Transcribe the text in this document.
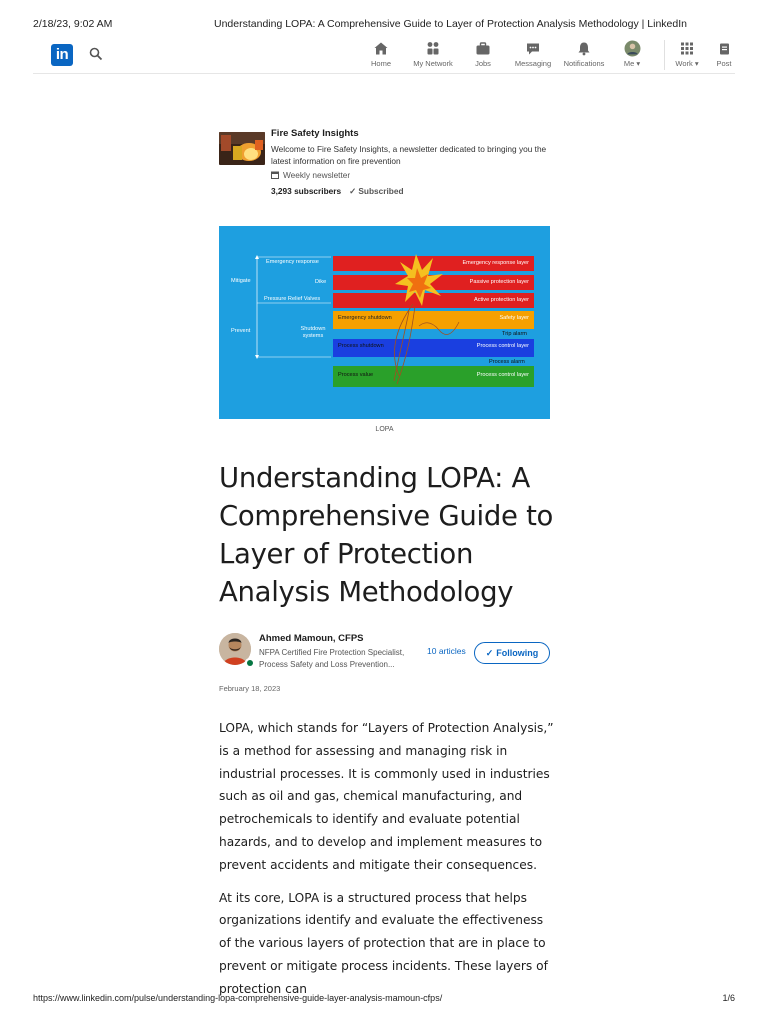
2/18/23, 9:02 AM	Understanding LOPA: A Comprehensive Guide to Layer of Protection Analysis Methodology | LinkedIn
in
Home	My Network	Jobs	Messaging	Notifications	Me ▾	Work ▾	Post
Fire Safety Insights
Welcome to Fire Safety Insights, a newsletter dedicated to bringing you the latest information on fire prevention
Weekly newsletter
3,293 subscribers ✓ Subscribed
Mitigate
Prevent
Emergency response
Dike
Pressure Relief Valves
Shutdown systems
Emergency response layer
Passive protection layer
Active protection layer
Emergency shutdown	Safety layer
Trip alarm
Process shutdown	Process control layer
Process alarm
Process value	Process control layer
LOPA
Understanding LOPA: A Comprehensive Guide to Layer of Protection Analysis Methodology
Ahmed Mamoun, CFPS
NFPA Certified Fire Protection Specialist, Process Safety and Loss Prevention...
10 articles ✓ Following
February 18, 2023

LOPA, which stands for “Layers of Protection Analysis,” is a method for assessing and managing risk in industrial processes. It is commonly used in industries such as oil and gas, chemical manufacturing, and petrochemicals to identify and evaluate potential hazards, and to develop and implement measures to prevent accidents and mitigate their consequences.

At its core, LOPA is a structured process that helps organizations identify and evaluate the effectiveness of the various layers of protection that are in place to prevent or mitigate process incidents. These layers of protection can

https://www.linkedin.com/pulse/understanding-lopa-comprehensive-guide-layer-analysis-mamoun-cfps/	1/6
